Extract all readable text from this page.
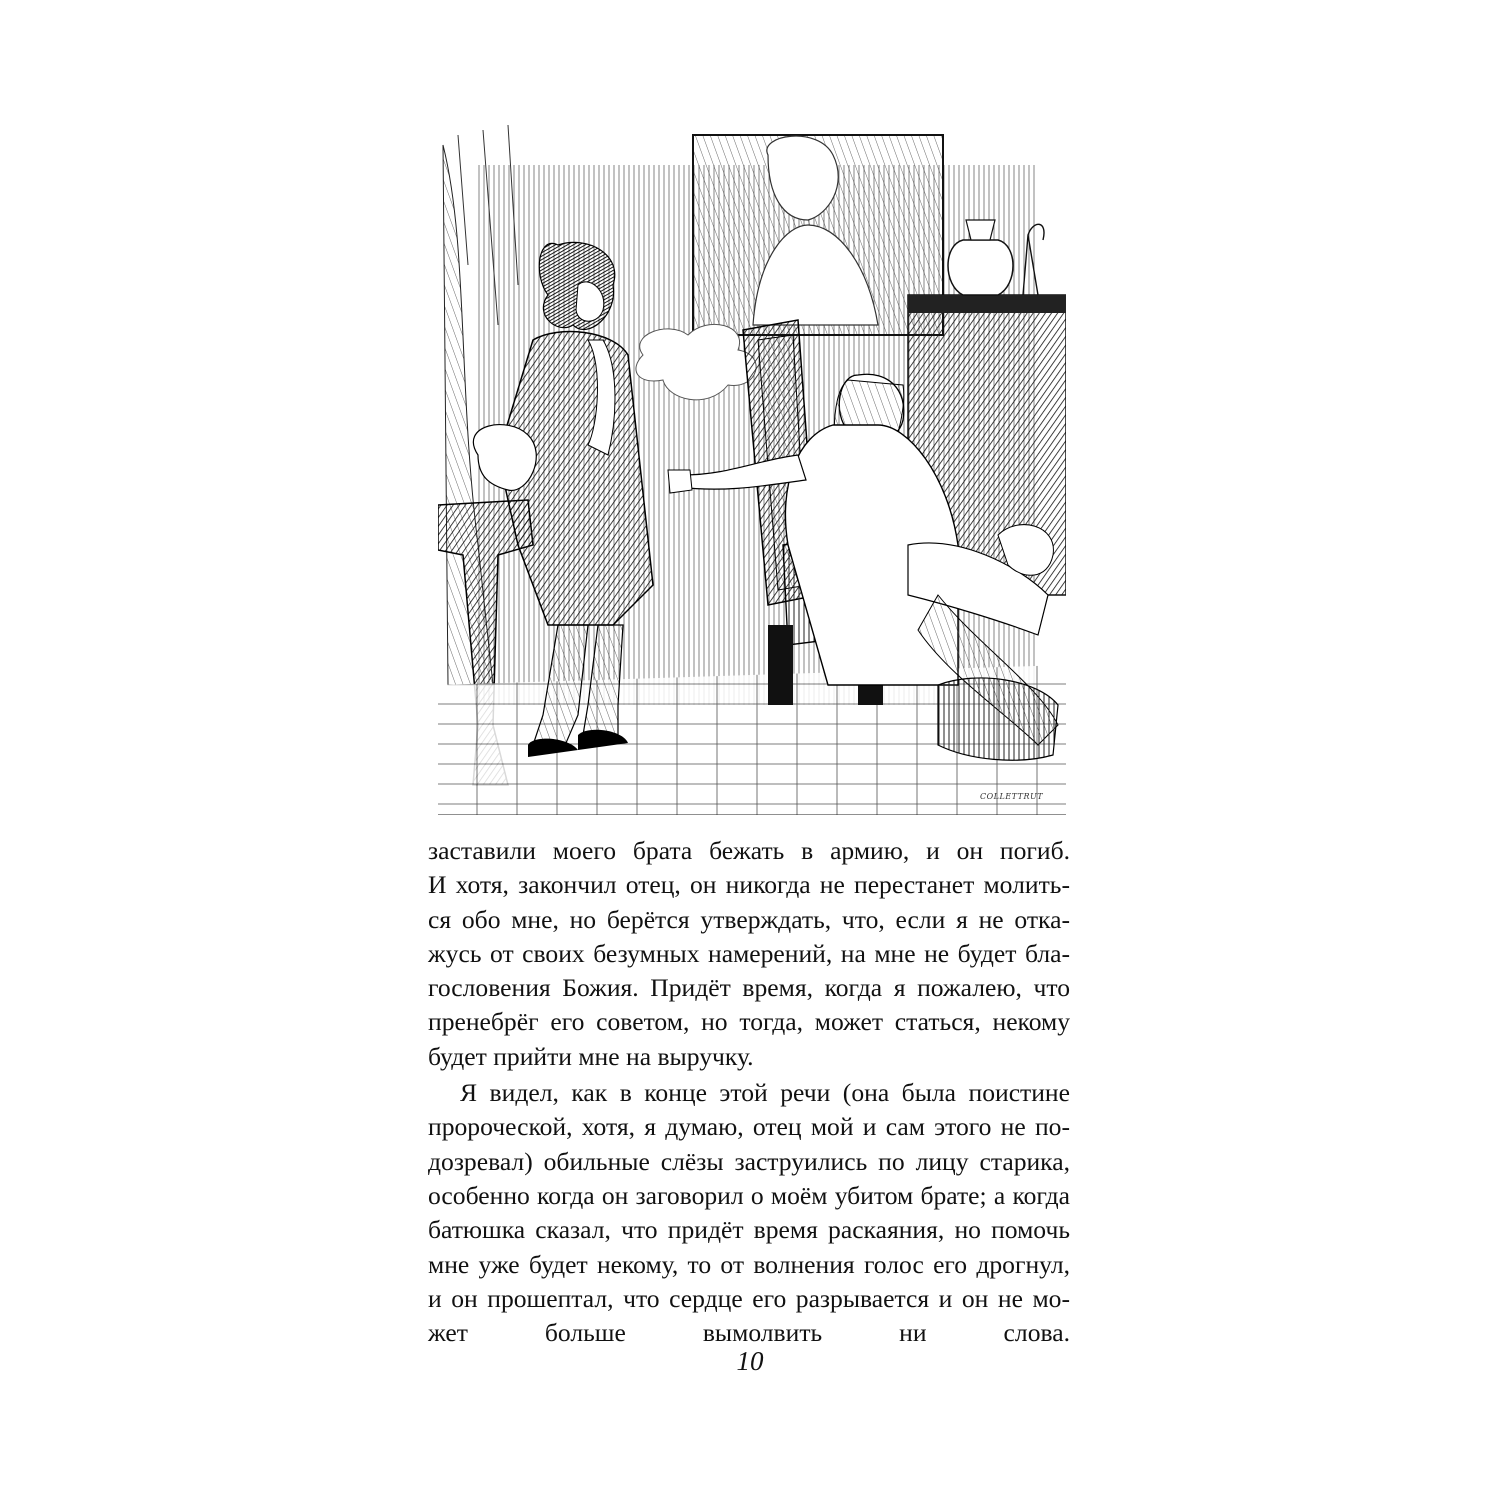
COLLETTRUT
заставили моего брата бежать в армию, и он погиб.
И хотя, закончил отец, он никогда не перестанет молить-
ся обо мне, но берётся утверждать, что, если я не отка-
жусь от своих безумных намерений, на мне не будет бла-
гословения Божия. Придёт время, когда я пожалею, что
пренебрёг его советом, но тогда, может статься, некому
будет прийти мне на выручку.
Я видел, как в конце этой речи (она была поистине
пророческой, хотя, я думаю, отец мой и сам этого не по-
дозревал) обильные слёзы заструились по лицу старика,
особенно когда он заговорил о моём убитом брате; а когда
батюшка сказал, что придёт время раскаяния, но помочь
мне уже будет некому, то от волнения голос его дрогнул,
и он прошептал, что сердце его разрывается и он не мо-
жет больше вымолвить ни слова.
10
